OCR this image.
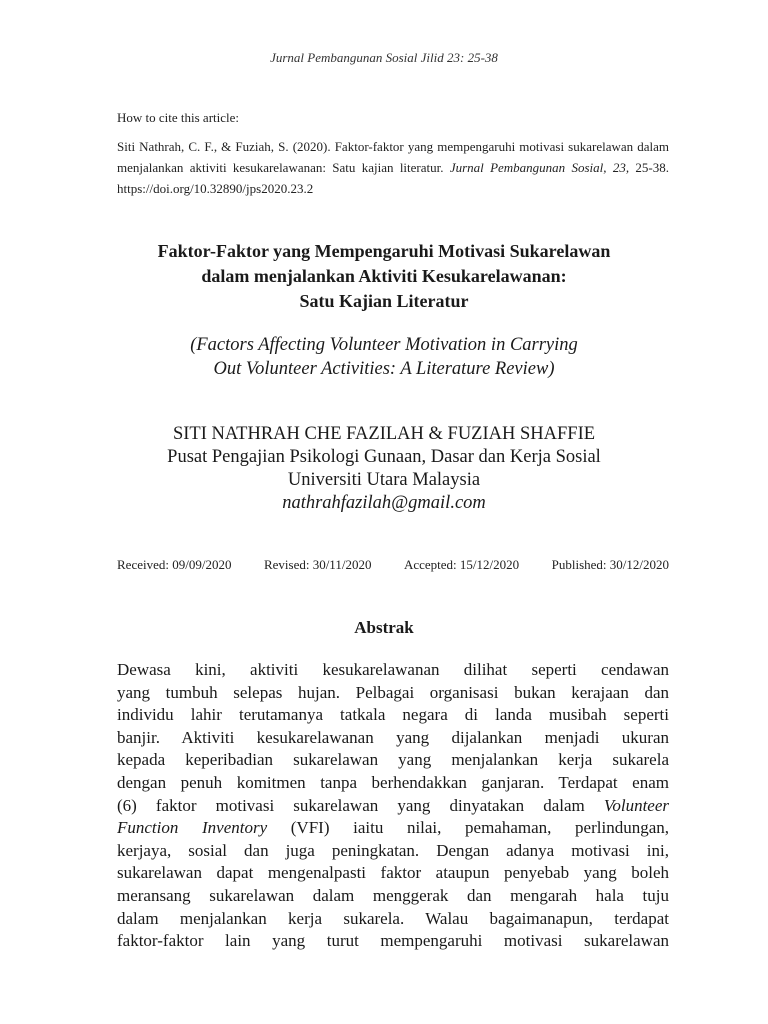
Jurnal Pembangunan Sosial Jilid 23: 25-38
How to cite this article:
Siti Nathrah, C. F., & Fuziah, S. (2020). Faktor-faktor yang mempengaruhi motivasi sukarelawan dalam menjalankan aktiviti kesukarelawanan: Satu kajian literatur. Jurnal Pembangunan Sosial, 23, 25-38. https://doi.org/10.32890/jps2020.23.2
Faktor-Faktor yang Mempengaruhi Motivasi Sukarelawan
dalam menjalankan Aktiviti Kesukarelawanan:
Satu Kajian Literatur
(Factors Affecting Volunteer Motivation in Carrying
Out Volunteer Activities: A Literature Review)
SITI NATHRAH CHE FAZILAH & FUZIAH SHAFFIE
Pusat Pengajian Psikologi Gunaan, Dasar dan Kerja Sosial
Universiti Utara Malaysia
nathrahfazilah@gmail.com
Received: 09/09/2020	Revised: 30/11/2020	Accepted: 15/12/2020	Published: 30/12/2020
Abstrak
Dewasa kini, aktiviti kesukarelawanan dilihat seperti cendawan
yang tumbuh selepas hujan. Pelbagai organisasi bukan kerajaan dan
individu lahir terutamanya tatkala negara di landa musibah seperti
banjir. Aktiviti kesukarelawanan yang dijalankan menjadi ukuran
kepada keperibadian sukarelawan yang menjalankan kerja sukarela
dengan penuh komitmen tanpa berhendakkan ganjaran. Terdapat enam
(6) faktor motivasi sukarelawan yang dinyatakan dalam Volunteer
Function Inventory (VFI) iaitu nilai, pemahaman, perlindungan,
kerjaya, sosial dan juga peningkatan. Dengan adanya motivasi ini,
sukarelawan dapat mengenalpasti faktor ataupun penyebab yang boleh
meransang sukarelawan dalam menggerak dan mengarah hala tuju
dalam menjalankan kerja sukarela. Walau bagaimanapun, terdapat
faktor-faktor lain yang turut mempengaruhi motivasi sukarelawan
